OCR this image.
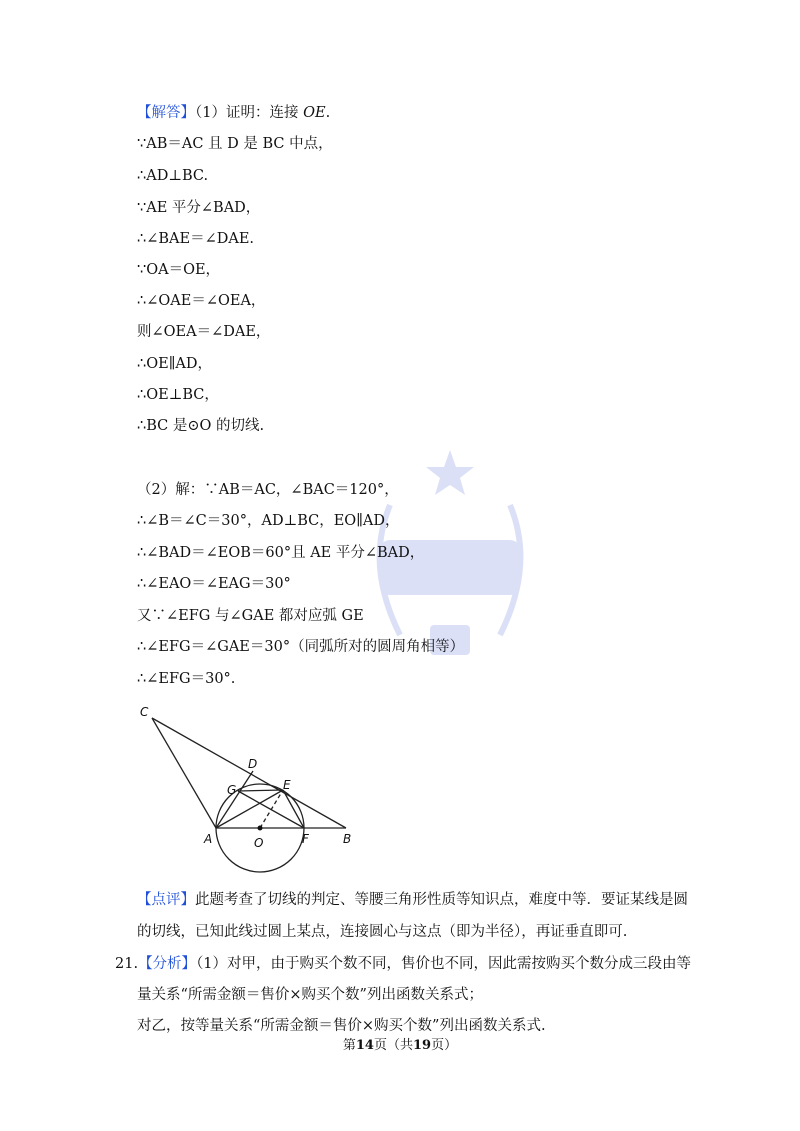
【解答】（1）证明：连接 OE.
∵AB＝AC 且 D 是 BC 中点，
∴AD⊥BC.
∵AE 平分∠BAD，
∴∠BAE＝∠DAE.
∵OA＝OE，
∴∠OAE＝∠OEA，
则∠OEA＝∠DAE，
∴OE∥AD，
∴OE⊥BC，
∴BC 是⊙O 的切线.
（2）解：∵AB＝AC，∠BAC＝120°，
∴∠B＝∠C＝30°，AD⊥BC，EO∥AD，
∴∠BAD＝∠EOB＝60°且 AE 平分∠BAD，
∴∠EAO＝∠EAG＝30°
又∵∠EFG 与∠GAE 都对应弧 GE
∴∠EFG＝∠GAE＝30°（同弧所对的圆周角相等）
∴∠EFG＝30°.
C
D
G	E
A	O	F	B
【点评】此题考查了切线的判定、等腰三角形性质等知识点，难度中等．要证某线是圆
的切线，已知此线过圆上某点，连接圆心与这点（即为半径），再证垂直即可.
21.【分析】（1）对甲，由于购买个数不同，售价也不同，因此需按购买个数分成三段由等
量关系“所需金额＝售价×购买个数”列出函数关系式；
对乙，按等量关系“所需金额＝售价×购买个数”列出函数关系式.
第14页（共19页）
